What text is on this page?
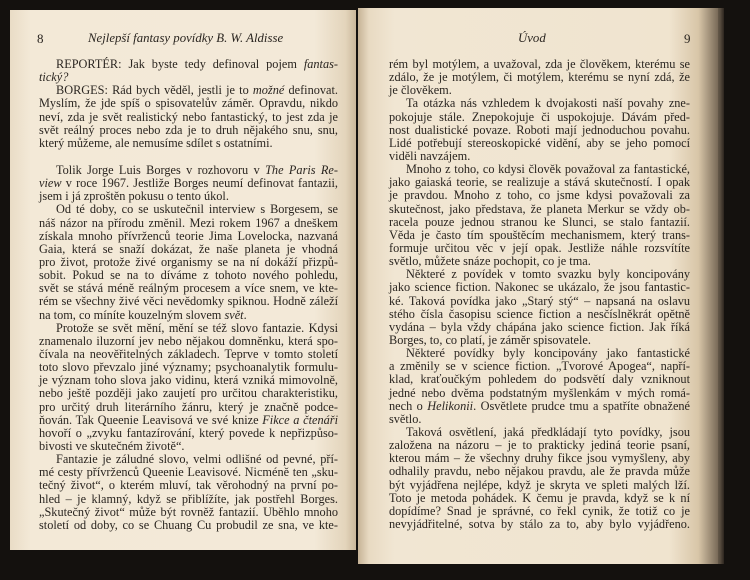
8	Nejlepší fantasy povídky B. W. Aldisse	Úvod	9
REPORTÉR: Jak byste tedy definoval pojem fantas-
tický?
BORGES: Rád bych věděl, jestli je to možné definovat.
Myslím, že jde spíš o spisovatelův záměr. Opravdu, nikdo
neví, zda je svět realistický nebo fantastický, to jest zda je
svět reálný proces nebo zda je to druh nějakého snu, snu,
který můžeme, ale nemusíme sdílet s ostatními.
Tolik Jorge Luis Borges v rozhovoru v The Paris Re-
view v roce 1967. Jestliže Borges neumí definovat fantazii,
jsem i já zproštěn pokusu o tento úkol.
Od té doby, co se uskutečnil interview s Borgesem, se
náš názor na přírodu změnil. Mezi rokem 1967 a dneškem
získala mnoho přívrženců teorie Jima Lovelocka, nazvaná
Gaia, která se snaží dokázat, že naše planeta je vhodná
pro život, protože živé organismy se na ní dokáží přizpů-
sobit. Pokud se na to díváme z tohoto nového pohledu,
svět se stává méně reálným procesem a více snem, ve kte-
rém se všechny živé věci nevědomky spiknou. Hodně záleží
na tom, co míníte kouzelným slovem svět.
Protože se svět mění, mění se též slovo fantazie. Kdysi
znamenalo iluzorní jev nebo nějakou domněnku, která spo-
čívala na neověřitelných základech. Teprve v tomto století
toto slovo převzalo jiné významy; psychoanalytik formulu-
je význam toho slova jako vidinu, která vzniká mimovolně,
nebo ještě později jako zaujetí pro určitou charakteristiku,
pro určitý druh literárního žánru, který je značně podce-
ňován. Tak Queenie Leavisová ve své knize Fikce a čtenáři
hovoří o „zvyku fantazírování, který povede k nepřizpůso-
bivosti ve skutečném životě“.
Fantazie je záludné slovo, velmi odlišné od pevné, pří-
mé cesty přívrženců Queenie Leavisové. Nicméně ten „sku-
tečný život“, o kterém mluví, tak věrohodný na první po-
hled – je klamný, když se přiblížíte, jak postřehl Borges.
„Skutečný život“ může být rovněž fantazií. Uběhlo mnoho
století od doby, co se Chuang Cu probudil ze sna, ve kte-
rém byl motýlem, a uvažoval, zda je člověkem, kterému se
zdálo, že je motýlem, či motýlem, kterému se nyní zdá, že
je člověkem.
Ta otázka nás vzhledem k dvojakosti naší povahy zne-
pokojuje stále. Znepokojuje či uspokojuje. Dávám před-
nost dualistické povaze. Roboti mají jednoduchou povahu.
Lidé potřebují stereoskopické vidění, aby se jeho pomocí
viděli navzájem.
Mnoho z toho, co kdysi člověk považoval za fantastické,
jako gaiaská teorie, se realizuje a stává skutečností. I opak
je pravdou. Mnoho z toho, co jsme kdysi považovali za
skutečnost, jako představa, že planeta Merkur se vždy ob-
racela pouze jednou stranou ke Slunci, se stalo fantazií.
Věda je často tím spouštěcím mechanismem, který trans-
formuje určitou věc v její opak. Jestliže náhle rozsvítíte
světlo, můžete snáze pochopit, co je tma.
Některé z povídek v tomto svazku byly koncipovány
jako science fiction. Nakonec se ukázalo, že jsou fantastic-
ké. Taková povídka jako „Starý stý“ – napsaná na oslavu
stého čísla časopisu science fiction a nesčíslněkrát opětně
vydána – byla vždy chápána jako science fiction. Jak říká
Borges, to, co platí, je záměr spisovatele.
Některé povídky byly koncipovány jako fantastické
a změnily se v science fiction. „Tvorové Apogea“, napří-
klad, kraťoučkým pohledem do podsvětí daly vzniknout
jedné nebo dvěma podstatným myšlenkám v mých romá-
nech o Helikonii. Osvětlete prudce tmu a spatříte obnažené
světlo.
Taková osvětlení, jaká předkládají tyto povídky, jsou
založena na názoru – je to prakticky jediná teorie psaní,
kterou mám – že všechny druhy fikce jsou vymyšleny, aby
odhalily pravdu, nebo nějakou pravdu, ale že pravda může
být vyjádřena nejlépe, když je skryta ve spleti malých lží.
Toto je metoda pohádek. K čemu je pravda, když se k ní
dopídíme? Snad je správné, co řekl cynik, že totiž co je
nevyjádřitelné, sotva by stálo za to, aby bylo vyjádřeno.
